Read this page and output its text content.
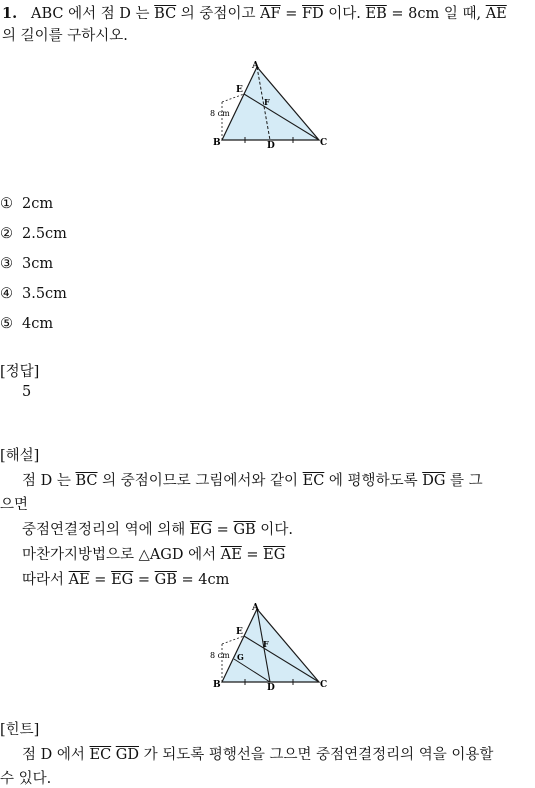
1. ABC 에서 점 D 는 $\overline{BC}$ 의 중점이고 $\overline{AF} = \overline{FD}$ 이다. $\overline{EB} = 8cm$ 일 때, $\overline{AE}$
의 길이를 구하시오.
A
E
F
B	D	C
8 cm
① 2cm
② 2.5cm
③ 3cm
④ 3.5cm
⑤ 4cm
[정답]
5
[해설]
점 D 는 $\overline{BC}$ 의 중점이므로 그림에서와 같이 $\overline{EC}$ 에 평행하도록 $\overline{DG}$ 를 그
으면
중점연결정리의 역에 의해 $\overline{EG} = \overline{GB}$ 이다.
마찬가지방법으로 △AGD 에서 $\overline{AE} = \overline{EG}$
따라서 $\overline{AE} = \overline{EG} = \overline{GB} = 4cm$
A
E
F
G
B	D	C
8 cm
[힌트]
점 D 에서 $\overline{EC}$ $\overline{GD}$ 가 되도록 평행선을 그으면 중점연결정리의 역을 이용할
수 있다.
